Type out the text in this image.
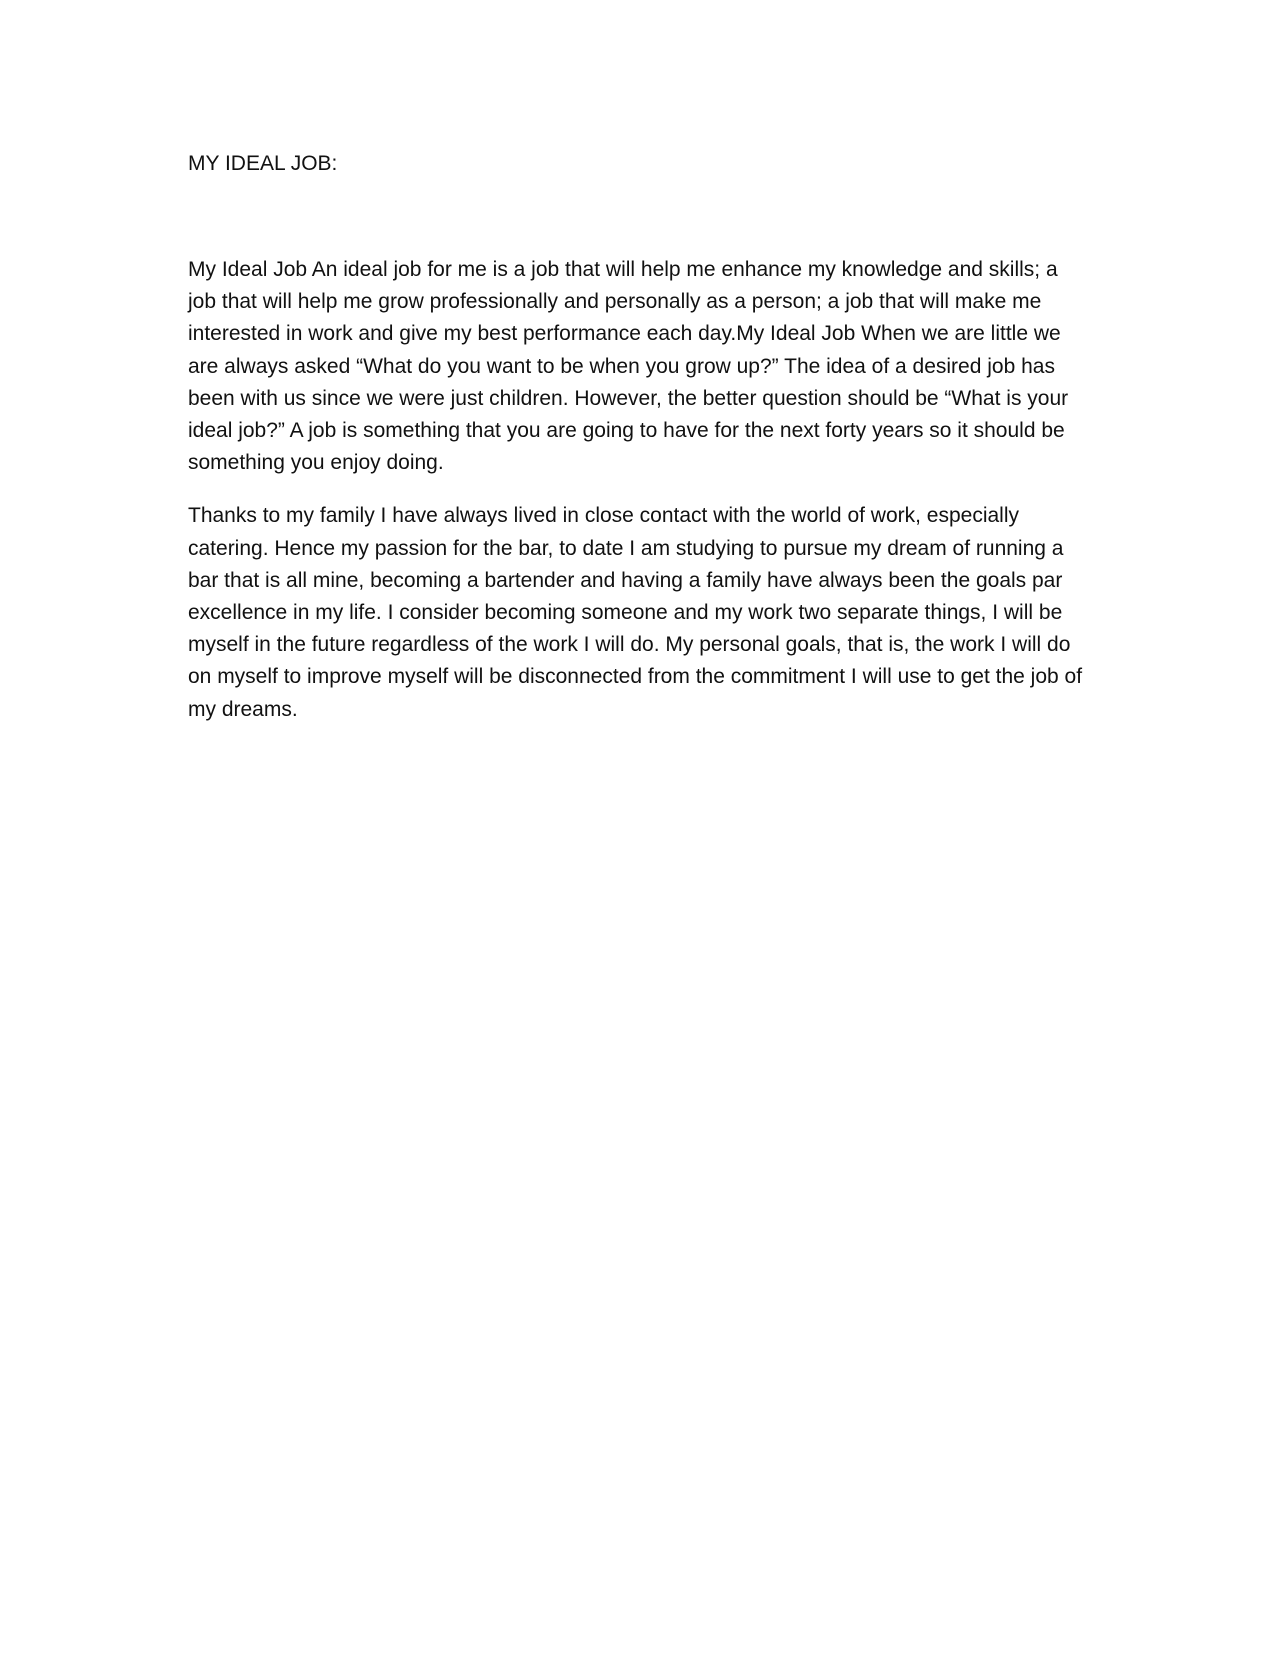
MY IDEAL JOB:

My Ideal Job An ideal job for me is a job that will help me enhance my knowledge and skills; a job that will help me grow professionally and personally as a person; a job that will make me interested in work and give my best performance each day.My Ideal Job When we are little we are always asked “What do you want to be when you grow up?” The idea of a desired job has been with us since we were just children. However, the better question should be “What is your ideal job?” A job is something that you are going to have for the next forty years so it should be something you enjoy doing.

Thanks to my family I have always lived in close contact with the world of work, especially catering. Hence my passion for the bar, to date I am studying to pursue my dream of running a bar that is all mine, becoming a bartender and having a family have always been the goals par excellence in my life. I consider becoming someone and my work two separate things, I will be myself in the future regardless of the work I will do. My personal goals, that is, the work I will do on myself to improve myself will be disconnected from the commitment I will use to get the job of my dreams.
